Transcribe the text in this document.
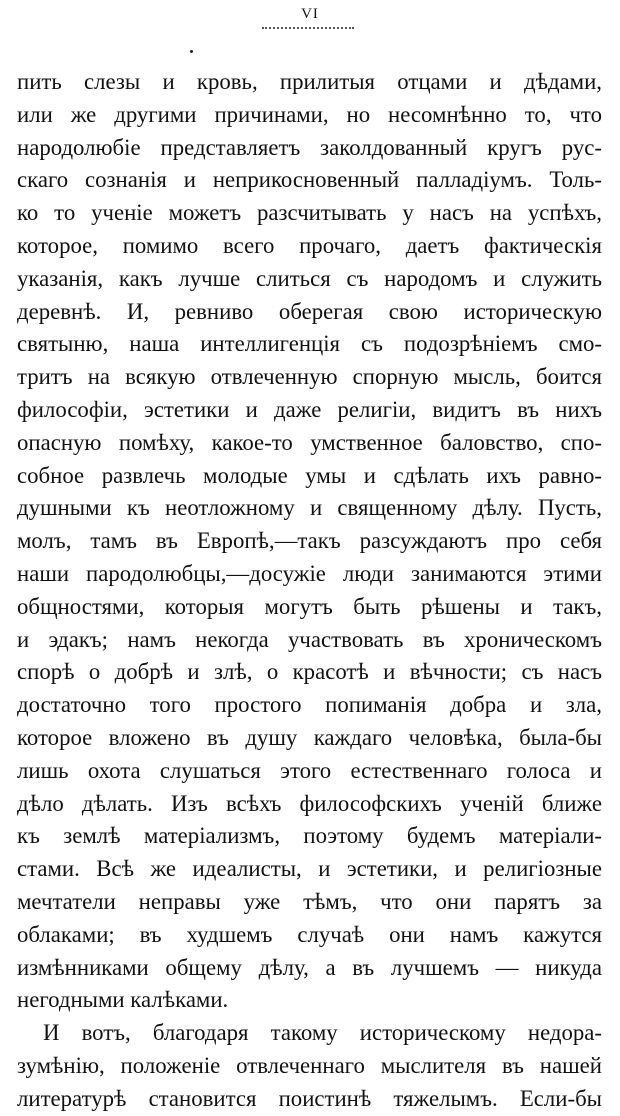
VI
пить слезы и кровь, прилитыя отцами и дѣдами,
или же другими причинами, но несомнѣнно то, что
народолюбіе представляетъ заколдованный кругъ рус-
скаго сознанія и неприкосновенный палладіумъ. Толь-
ко то ученіе можетъ разсчитывать у насъ на успѣхъ,
которое, помимо всего прочаго, даетъ фактическія
указанія, какъ лучше слиться съ народомъ и служить
деревнѣ. И, ревниво оберегая свою историческую
святыню, наша интеллигенція съ подозрѣніемъ смо-
тритъ на всякую отвлеченную спорную мысль, боится
философіи, эстетики и даже религіи, видитъ въ нихъ
опасную помѣху, какое-то умственное баловство, спо-
собное развлечь молодые умы и сдѣлать ихъ равно-
душными къ неотложному и священному дѣлу. Пусть,
молъ, тамъ въ Европѣ,—такъ разсуждаютъ про себя
наши пародолюбцы,—досужіе люди занимаются этими
общностями, которыя могутъ быть рѣшены и такъ,
и эдакъ; намъ некогда участвовать въ хроническомъ
спорѣ о добрѣ и злѣ, о красотѣ и вѣчности; съ насъ
достаточно того простого попиманія добра и зла,
которое вложено въ душу каждаго человѣка, была-бы
лишь охота слушаться этого естественнаго голоса и
дѣло дѣлать. Изъ всѣхъ философскихъ ученій ближе
къ землѣ матеріализмъ, поэтому будемъ матеріали-
стами. Всѣ же идеалисты, и эстетики, и религіозные
мечтатели неправы уже тѣмъ, что они парятъ за
облаками; въ худшемъ случаѣ они намъ кажутся
измѣнниками общему дѣлу, а въ лучшемъ — никуда
негодными калѣками.
И вотъ, благодаря такому историческому недора-
зумѣнію, положеніе отвлеченнаго мыслителя въ нашей
литературѣ становится поистинѣ тяжелымъ. Если-бы
